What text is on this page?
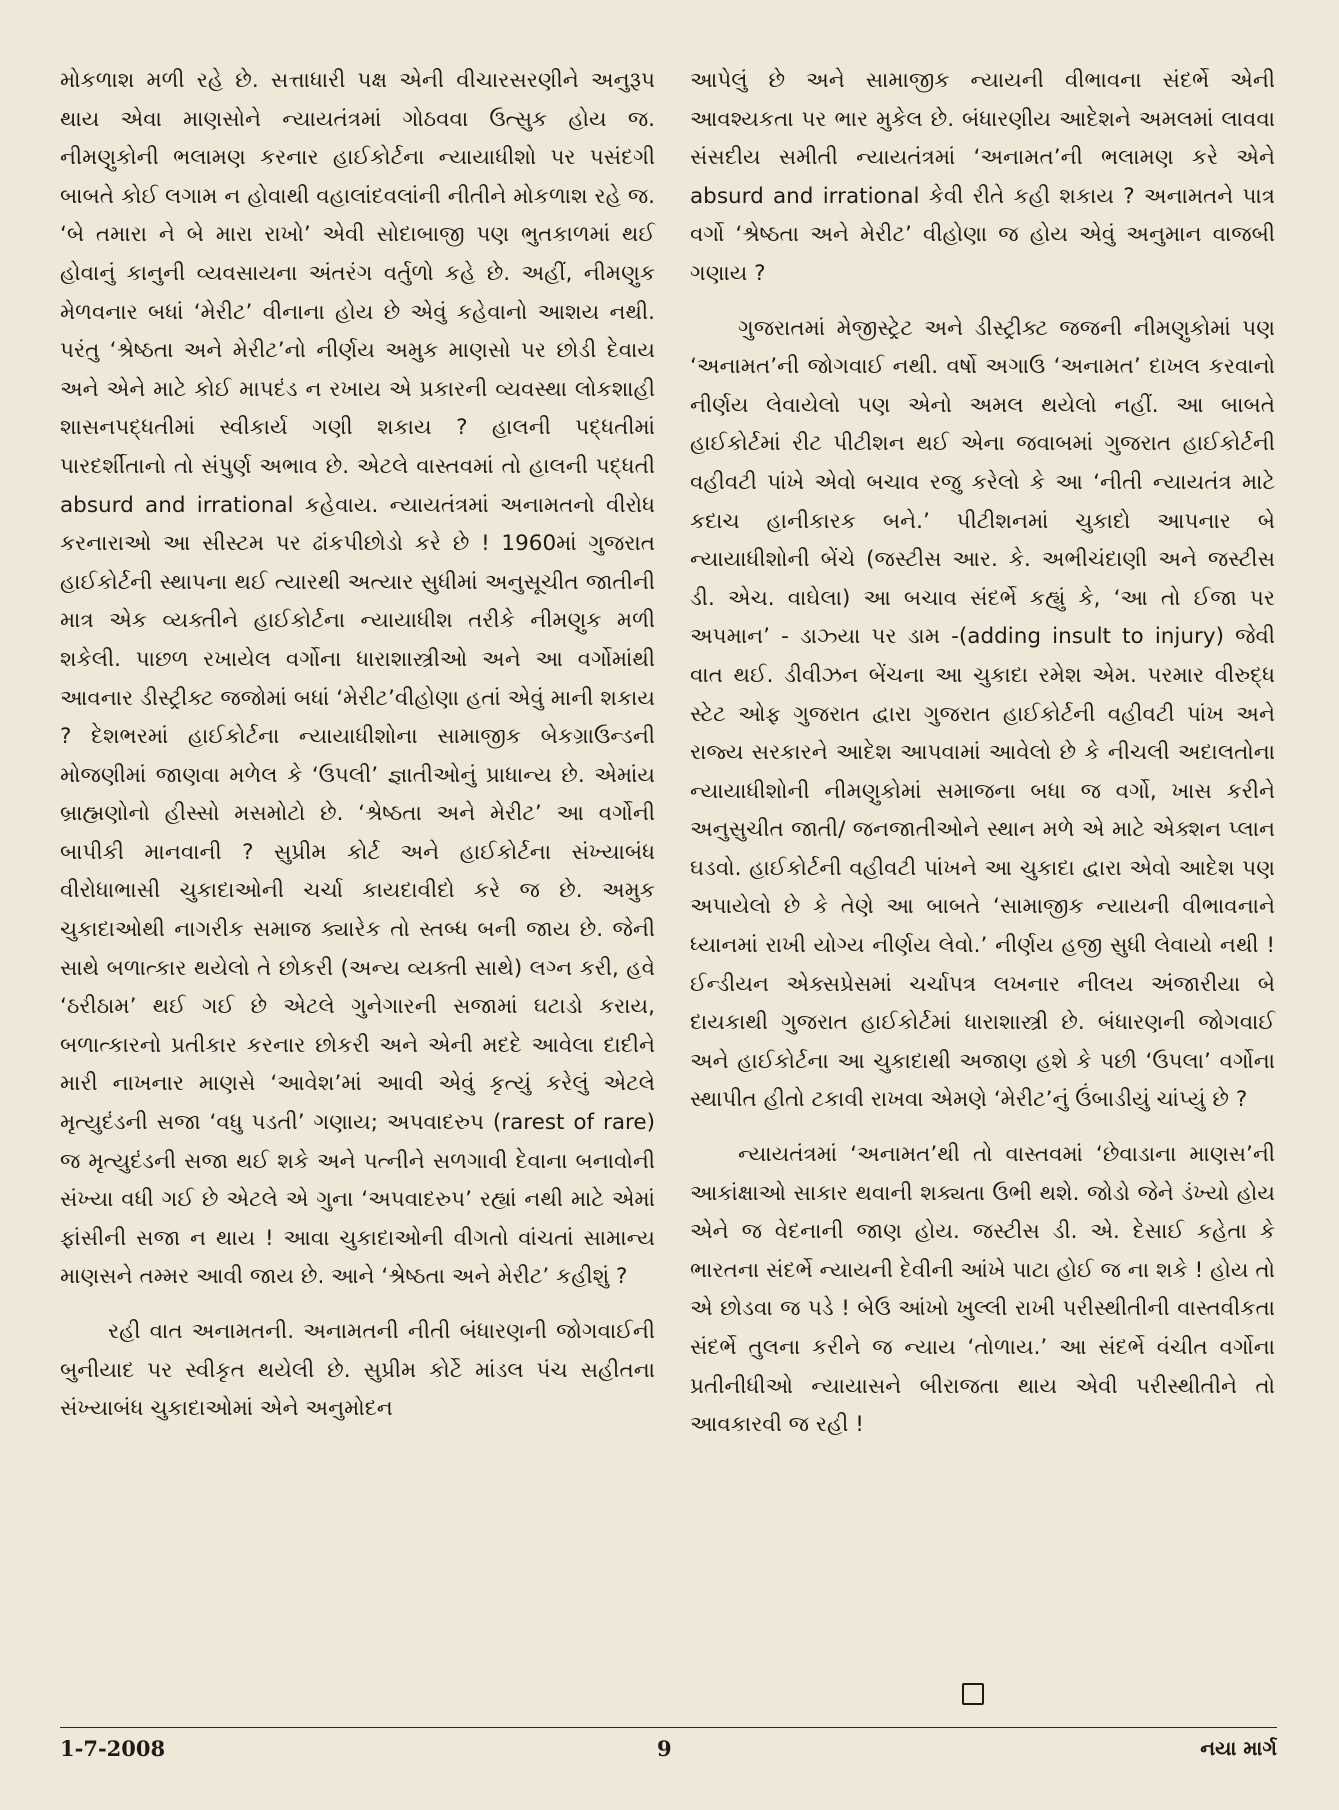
મોકળાશ મળી રહે છે. સત્તાધારી પક્ષ એની વીચારસરણીને અનુરૂપ થાય એવા માણસોને ન્યાયતંત્રમાં ગોઠવવા ઉત્સુક હોય જ. નીમણુકોની ભલામણ કરનાર હાઈકોર્ટના ન્યાયાધીશો પર પસંદગી બાબતે કોઈ લગામ ન હોવાથી વહાલાંદવલાંની નીતીને મોકળાશ રહે જ. ‘બે તમારા ને બે મારા રાખો’ એવી સોદાબાજી પણ ભુતકાળમાં થઈ હોવાનું કાનુની વ્યવસાયના અંતરંગ વર્તુળો કહે છે. અહીં, નીમણુક મેળવનાર બધાં ‘મેરીટ’ વીનાના હોય છે એવું કહેવાનો આશય નથી. પરંતુ ‘શ્રેષ્ઠતા અને મેરીટ’નો નીર્ણય અમુક માણસો પર છોડી દેવાય અને એને માટે કોઈ માપદંડ ન રખાય એ પ્રકારની વ્યવસ્થા લોકશાહી શાસનપદ્ધતીમાં સ્વીકાર્ય ગણી શકાય ? હાલની પદ્ધતીમાં પારદર્શીતાનો તો સંપુર્ણ અભાવ છે. એટલે વાસ્તવમાં તો હાલની પદ્ધતી absurd and irrational કહેવાય. ન્યાયતંત્રમાં અનામતનો વીરોધ કરનારાઓ આ સીસ્ટમ પર ઢાંકપીછોડો કરે છે ! 1960માં ગુજરાત હાઈકોર્ટની સ્થાપના થઈ ત્યારથી અત્યાર સુધીમાં અનુસૂચીત જાતીની માત્ર એક વ્યક્તીને હાઈકોર્ટના ન્યાયાધીશ તરીકે નીમણુક મળી શકેલી. પાછળ રખાયેલ વર્ગોના ધારાશાસ્ત્રીઓ અને આ વર્ગોમાંથી આવનાર ડીસ્ટ્રીક્ટ જજોમાં બધાં ‘મેરીટ’વીહોણા હતાં એવું માની શકાય ? દેશભરમાં હાઈકોર્ટના ન્યાયાધીશોના સામાજીક બેકગ્રાઉન્ડની મોજણીમાં જાણવા મળેલ કે ‘ઉપલી’ જ્ઞાતીઓનું પ્રાધાન્ય છે. એમાંય બ્રાહ્મણોનો હીસ્સો મસમોટો છે. ‘શ્રેષ્ઠતા અને મેરીટ’ આ વર્ગોની બાપીકી માનવાની ? સુપ્રીમ કોર્ટ અને હાઈકોર્ટના સંખ્યાબંધ વીરોધાભાસી ચુકાદાઓની ચર્ચા કાયદાવીદો કરે જ છે. અમુક ચુકાદાઓથી નાગરીક સમાજ ક્યારેક તો સ્તબ્ધ બની જાય છે. જેની સાથે બળાત્કાર થયેલો તે છોકરી (અન્ય વ્યક્તી સાથે) લગ્ન કરી, હવે ‘ઠરીઠામ’ થઈ ગઈ છે એટલે ગુનેગારની સજામાં ઘટાડો કરાય, બળાત્કારનો પ્રતીકાર કરનાર છોકરી અને એની મદદે આવેલા દાદીને મારી નાખનાર માણસે ‘આવેશ’માં આવી એવું કૃત્યું કરેલું એટલે મૃત્યુદંડની સજા ‘વધુ પડતી’ ગણાય; અપવાદરુપ (rarest of rare) જ મૃત્યુદંડની સજા થઈ શકે અને પત્નીને સળગાવી દેવાના બનાવોની સંખ્યા વધી ગઈ છે એટલે એ ગુના ‘અપવાદરુપ’ રહ્યાં નથી માટે એમાં ફાંસીની સજા ન થાય ! આવા ચુકાદાઓની વીગતો વાંચતાં સામાન્ય માણસને તમ્મર આવી જાય છે. આને ‘શ્રેષ્ઠતા અને મેરીટ’ કહીશું ?

રહી વાત અનામતની. અનામતની નીતી બંધારણની જોગવાઈની બુનીયાદ પર સ્વીકૃત થયેલી છે. સુપ્રીમ કોર્ટે માંડલ પંચ સહીતના સંખ્યાબંધ ચુકાદાઓમાં એને અનુમોદન

આપેલું છે અને સામાજીક ન્યાયની વીભાવના સંદર્ભે એની આવશ્યકતા પર ભાર મુકેલ છે. બંધારણીય આદેશને અમલમાં લાવવા સંસદીય સમીતી ન્યાયતંત્રમાં ‘અનામત’ની ભલામણ કરે એને absurd and irrational કેવી રીતે કહી શકાય ? અનામતને પાત્ર વર્ગો ‘શ્રેષ્ઠતા અને મેરીટ’ વીહોણા જ હોય એવું અનુમાન વાજબી ગણાય ?

ગુજરાતમાં મેજીસ્ટ્રેટ અને ડીસ્ટ્રીક્ટ જજની નીમણુકોમાં પણ ‘અનામત’ની જોગવાઈ નથી. વર્ષો અગાઉ ‘અનામત’ દાખલ કરવાનો નીર્ણય લેવાયેલો પણ એનો અમલ થયેલો નહીં. આ બાબતે હાઈકોર્ટમાં રીટ પીટીશન થઈ એના જવાબમાં ગુજરાત હાઈકોર્ટની વહીવટી પાંખે એવો બચાવ રજુ કરેલો કે આ ‘નીતી ન્યાયતંત્ર માટે કદાચ હાનીકારક બને.’ પીટીશનમાં ચુકાદો આપનાર બે ન્યાયાધીશોની બેંચે (જસ્ટીસ આર. કે. અભીચંદાણી અને જસ્ટીસ ડી. એચ. વાઘેલા) આ બચાવ સંદર્ભે કહ્યું કે, ‘આ તો ઈજા પર અપમાન’ - ડાઝ્યા પર ડામ -(adding insult to injury) જેવી વાત થઈ. ડીવીઝન બેંચના આ ચુકાદા રમેશ એમ. પરમાર વીરુદ્ધ સ્ટેટ ઓફ ગુજરાત દ્વારા ગુજરાત હાઈકોર્ટની વહીવટી પાંખ અને રાજ્ય સરકારને આદેશ આપવામાં આવેલો છે કે નીચલી અદાલતોના ન્યાયાધીશોની નીમણુકોમાં સમાજના બધા જ વર્ગો, ખાસ કરીને અનુસુચીત જાતી/ જનજાતીઓને સ્થાન મળે એ માટે એક્શન પ્લાન ઘડવો. હાઈકોર્ટની વહીવટી પાંખને આ ચુકાદા દ્વારા એવો આદેશ પણ અપાયેલો છે કે તેણે આ બાબતે ‘સામાજીક ન્યાયની વીભાવનાને ધ્યાનમાં રાખી યોગ્ય નીર્ણય લેવો.’ નીર્ણય હજી સુધી લેવાયો નથી ! ઈન્ડીયન એક્સપ્રેસમાં ચર્ચાપત્ર લખનાર નીલય અંજારીયા બે દાયકાથી ગુજરાત હાઈકોર્ટમાં ધારાશાસ્ત્રી છે. બંધારણની જોગવાઈ અને હાઈકોર્ટના આ ચુકાદાથી અજાણ હશે કે પછી ‘ઉપલા’ વર્ગોના સ્થાપીત હીતો ટકાવી રાખવા એમણે ‘મેરીટ’નું ઉંબાડીયું ચાંપ્યું છે ?

ન્યાયતંત્રમાં ‘અનામત’થી તો વાસ્તવમાં ‘છેવાડાના માણસ’ની આકાંક્ષાઓ સાકાર થવાની શક્યતા ઉભી થશે. જોડો જેને ડંખ્યો હોય એને જ વેદનાની જાણ હોય. જસ્ટીસ ડી. એ. દેસાઈ કહેતા કે ભારતના સંદર્ભે ન્યાયની દેવીની આંખે પાટા હોઈ જ ના શકે ! હોય તો એ છોડવા જ પડે ! બેઉ આંખો ખુલ્લી રાખી પરીસ્થીતીની વાસ્તવીકતા સંદર્ભે તુલના કરીને જ ન્યાય ‘તોળાય.’ આ સંદર્ભે વંચીત વર્ગોના પ્રતીનીધીઓ ન્યાયાસને બીરાજતા થાય એવી પરીસ્થીતીને તો આવકારવી જ રહી !

1-7-2008	9	નયા માર્ગ
